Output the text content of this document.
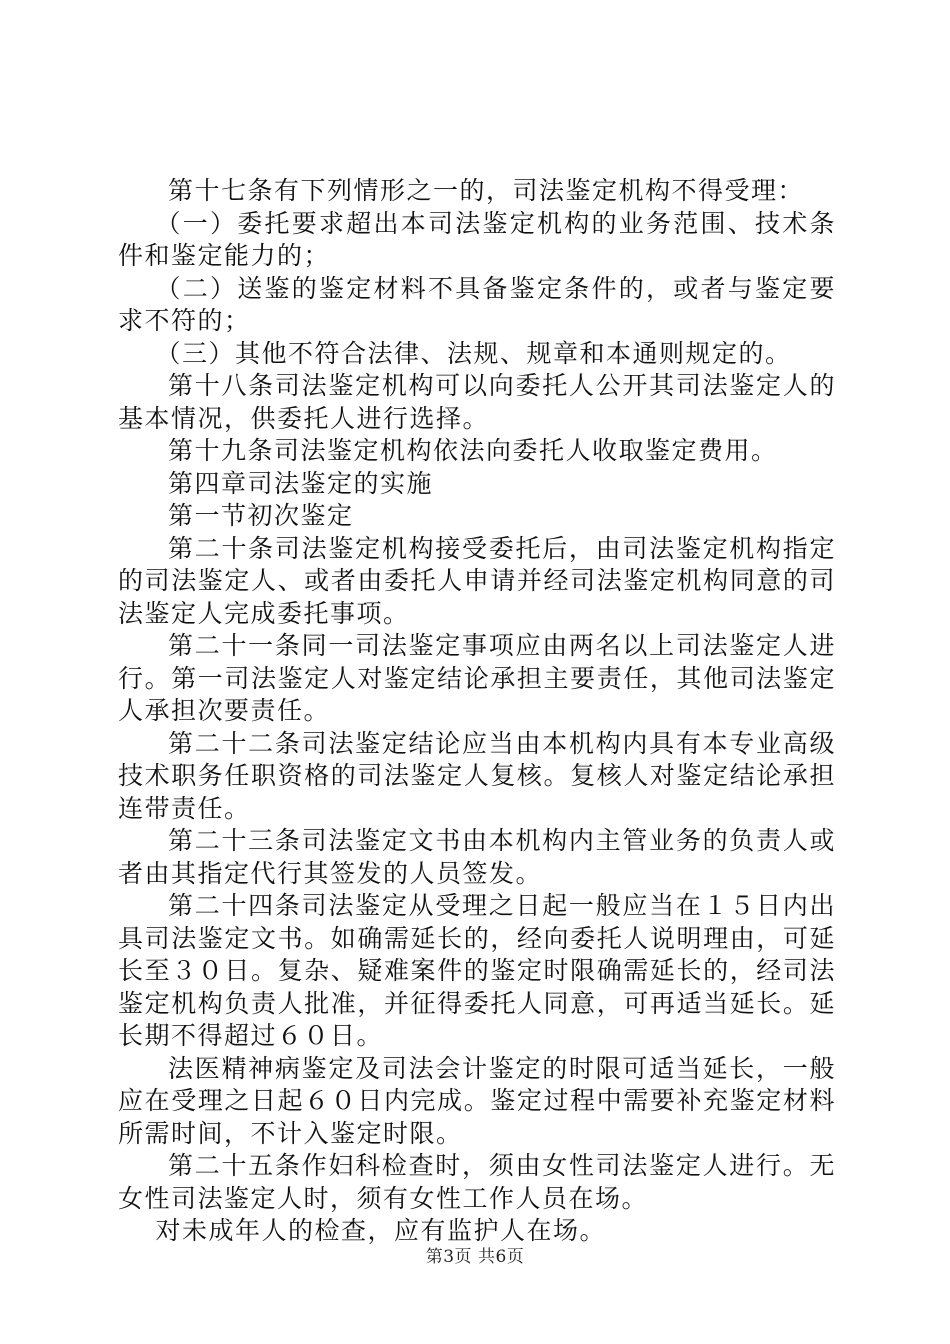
第十七条有下列情形之一的，司法鉴定机构不得受理：

（一）委托要求超出本司法鉴定机构的业务范围、技术条件和鉴定能力的；

（二）送鉴的鉴定材料不具备鉴定条件的，或者与鉴定要求不符的；

（三）其他不符合法律、法规、规章和本通则规定的。

第十八条司法鉴定机构可以向委托人公开其司法鉴定人的基本情况，供委托人进行选择。

第十九条司法鉴定机构依法向委托人收取鉴定费用。

第四章司法鉴定的实施

第一节初次鉴定

第二十条司法鉴定机构接受委托后，由司法鉴定机构指定的司法鉴定人、或者由委托人申请并经司法鉴定机构同意的司法鉴定人完成委托事项。

第二十一条同一司法鉴定事项应由两名以上司法鉴定人进行。第一司法鉴定人对鉴定结论承担主要责任，其他司法鉴定人承担次要责任。

第二十二条司法鉴定结论应当由本机构内具有本专业高级技术职务任职资格的司法鉴定人复核。复核人对鉴定结论承担连带责任。

第二十三条司法鉴定文书由本机构内主管业务的负责人或者由其指定代行其签发的人员签发。

第二十四条司法鉴定从受理之日起一般应当在１５日内出具司法鉴定文书。如确需延长的，经向委托人说明理由，可延长至３０日。复杂、疑难案件的鉴定时限确需延长的，经司法鉴定机构负责人批准，并征得委托人同意，可再适当延长。延长期不得超过６０日。

法医精神病鉴定及司法会计鉴定的时限可适当延长，一般应在受理之日起６０日内完成。鉴定过程中需要补充鉴定材料所需时间，不计入鉴定时限。

第二十五条作妇科检查时，须由女性司法鉴定人进行。无女性司法鉴定人时，须有女性工作人员在场。

对未成年人的检查，应有监护人在场。

第3页 共6页
